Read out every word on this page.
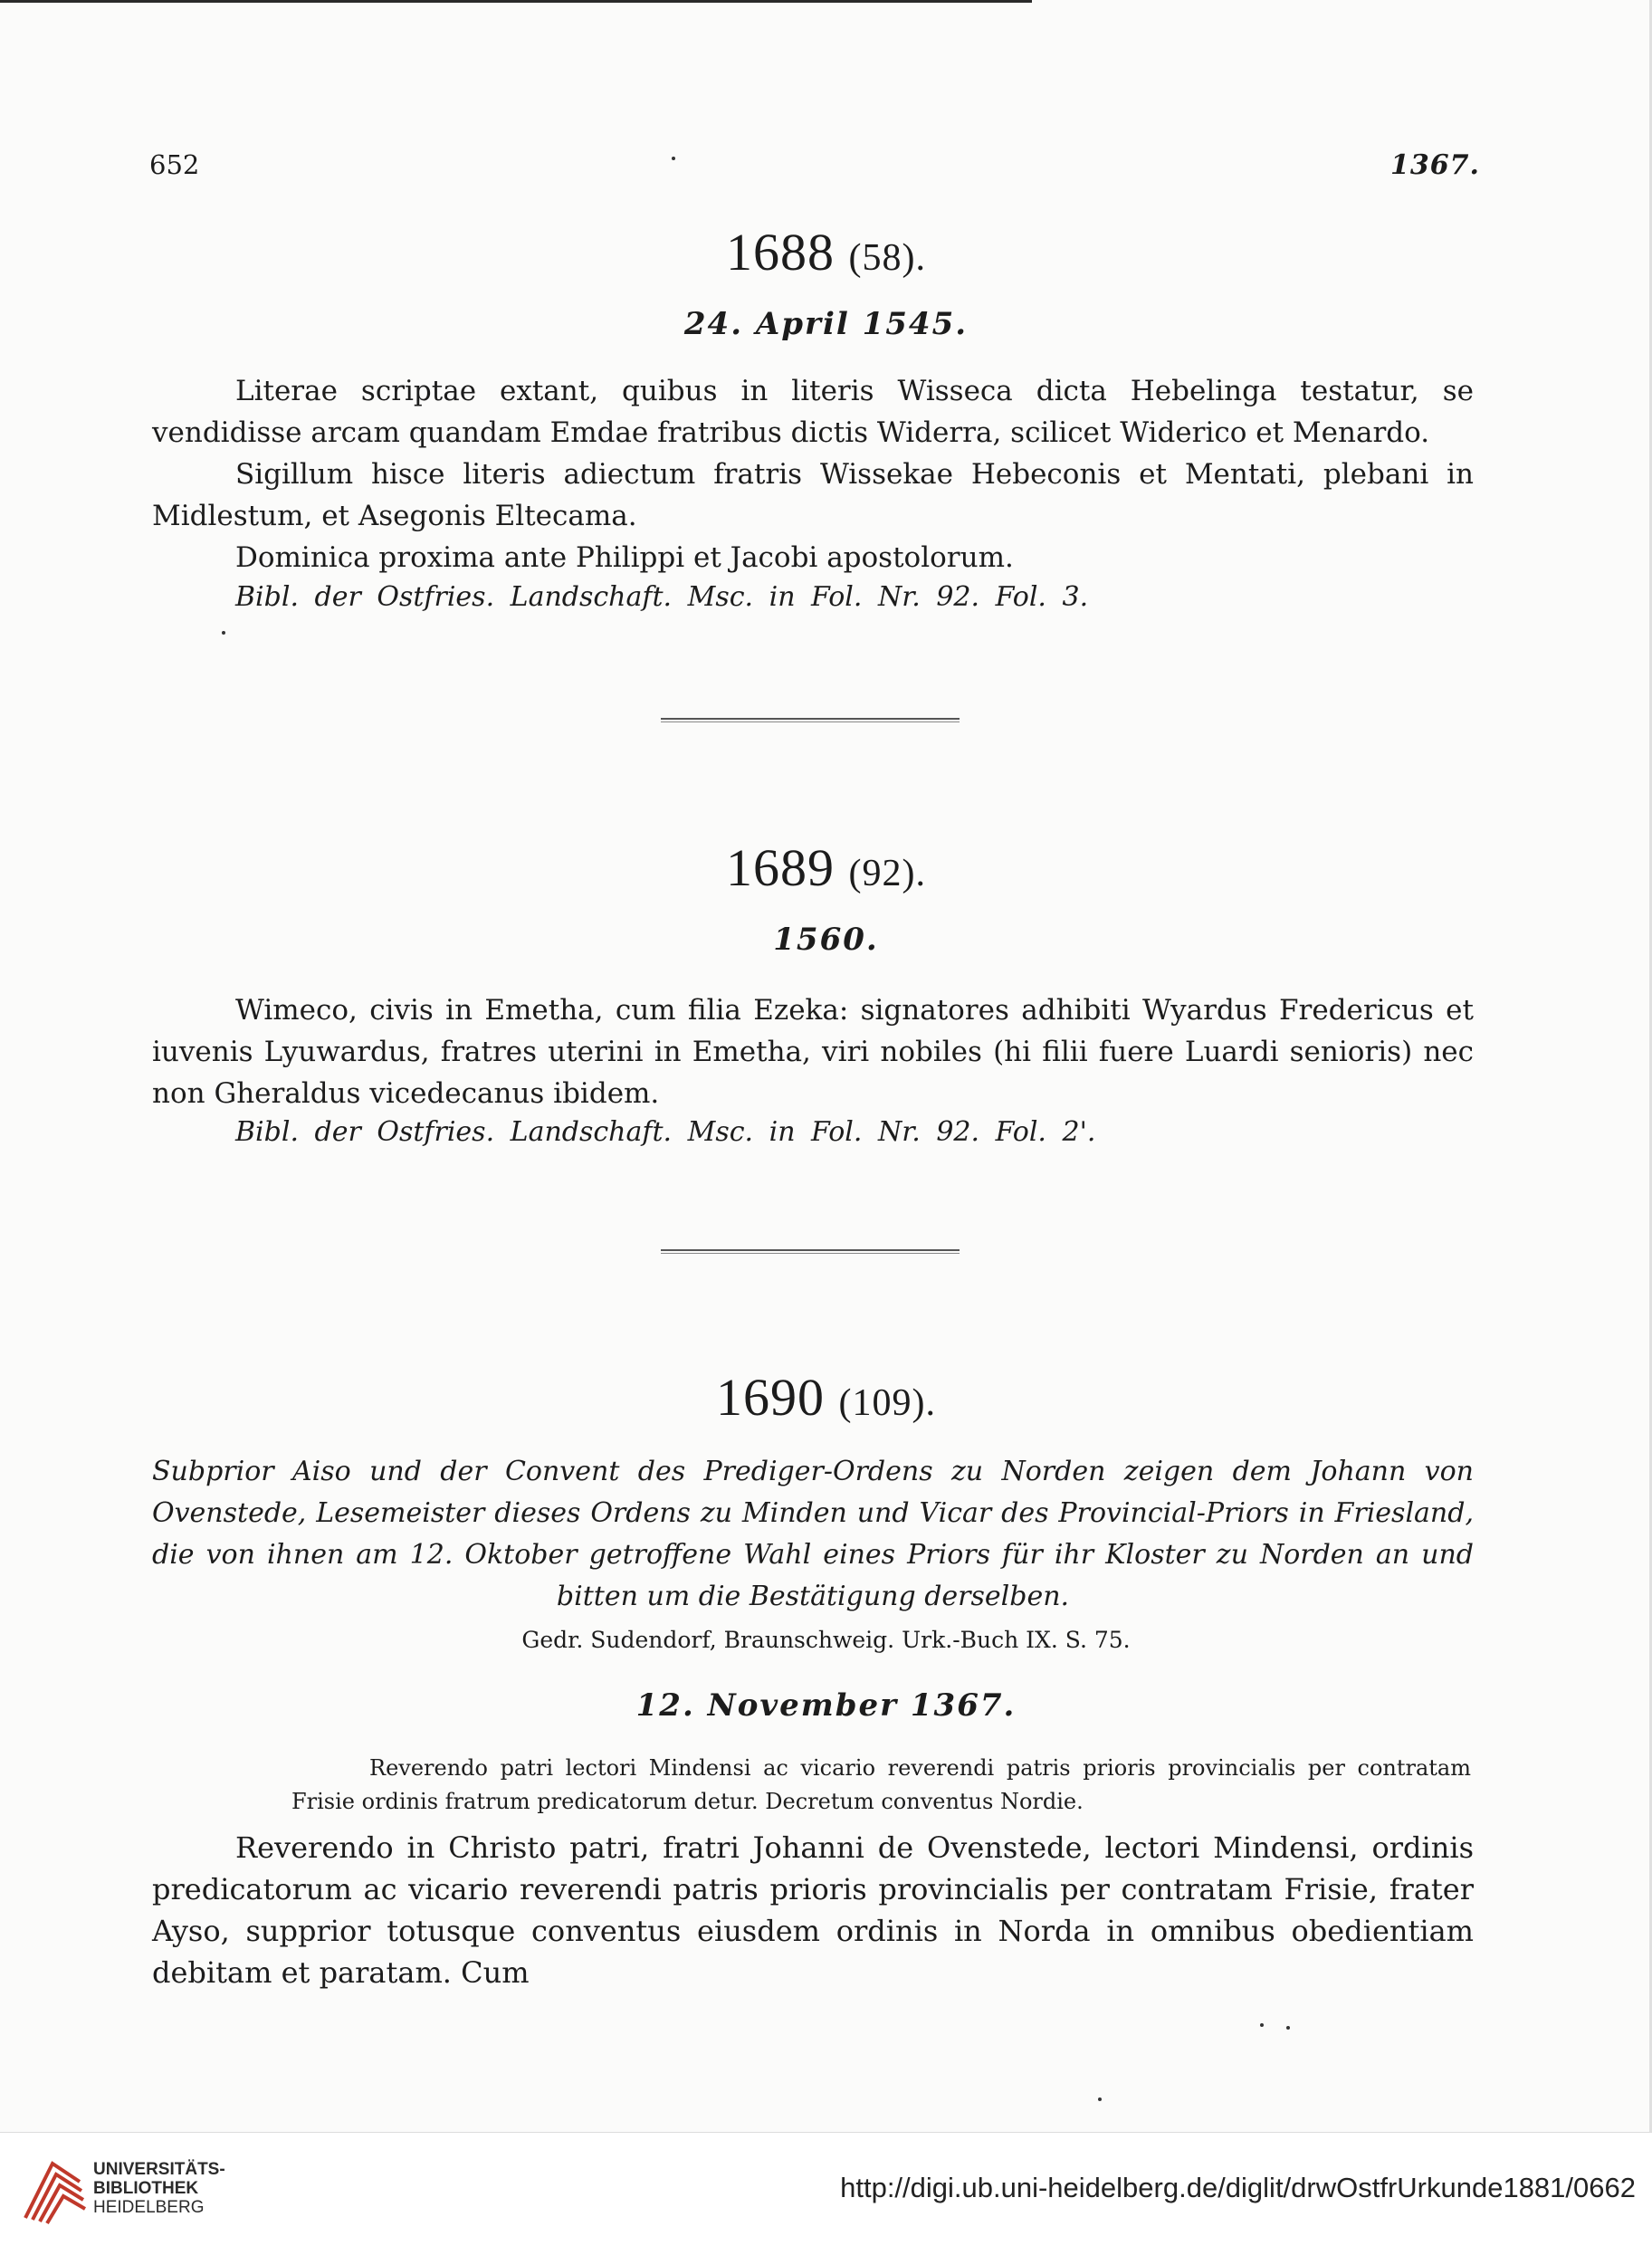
652	1367.
1688 (58).
24. April 1545.
Literae scriptae extant, quibus in literis Wisseca dicta Hebelinga testatur, se vendidisse arcam quandam Emdae fratribus dictis Widerra, scilicet Widerico et Menardo.
Sigillum hisce literis adiectum fratris Wissekae Hebeconis et Mentati, plebani in Midlestum, et Asegonis Eltecama.
Dominica proxima ante Philippi et Jacobi apostolorum.
Bibl. der Ostfries. Landschaft. Msc. in Fol. Nr. 92. Fol. 3.
1689 (92).
1560.
Wimeco, civis in Emetha, cum filia Ezeka: signatores adhibiti Wyardus Fredericus et iuvenis Lyuwardus, fratres uterini in Emetha, viri nobiles (hi filii fuere Luardi senioris) nec non Gheraldus vicedecanus ibidem.
Bibl. der Ostfries. Landschaft. Msc. in Fol. Nr. 92. Fol. 2'.
1690 (109).
Subprior Aiso und der Convent des Prediger-Ordens zu Norden zeigen dem Johann von Ovenstede, Lesemeister dieses Ordens zu Minden und Vicar des Provincial-Priors in Friesland, die von ihnen am 12. Oktober getroffene Wahl eines Priors für ihr Kloster zu Norden an und bitten um die Bestätigung derselben.
Gedr. Sudendorf, Braunschweig. Urk.-Buch IX. S. 75.
12. November 1367.
Reverendo patri lectori Mindensi ac vicario reverendi patris prioris provincialis per contratam Frisie ordinis fratrum predicatorum detur. Decretum conventus Nordie.
Reverendo in Christo patri, fratri Johanni de Ovenstede, lectori Mindensi, ordinis predicatorum ac vicario reverendi patris prioris provincialis per contratam Frisie, frater Ayso, supprior totusque conventus eiusdem ordinis in Norda in omnibus obedientiam debitam et paratam. Cum
UNIVERSITÄTS-
BIBLIOTHEK
HEIDELBERG
http://digi.ub.uni-heidelberg.de/diglit/drwOstfrUrkunde1881/0662
